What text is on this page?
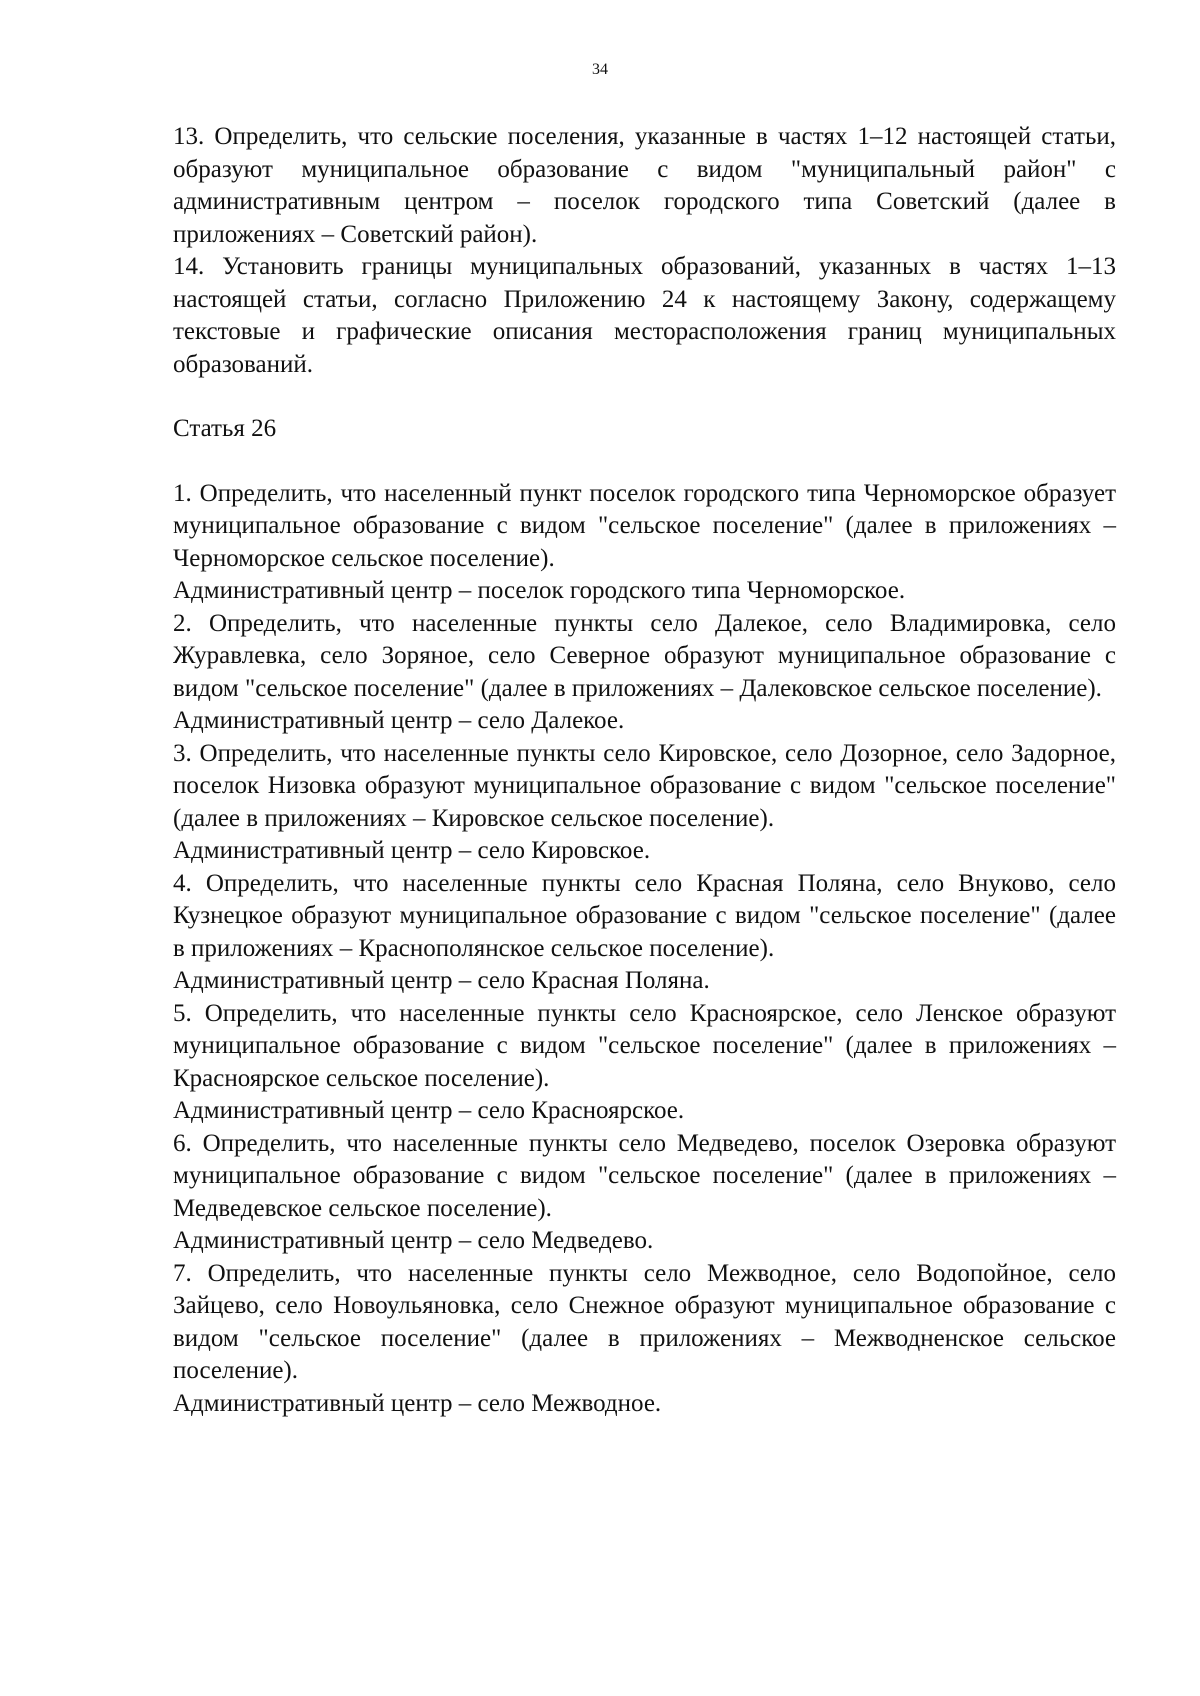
34

13. Определить, что сельские поселения, указанные в частях 1–12 настоящей статьи, образуют муниципальное образование с видом "муниципальный район" с административным центром – поселок городского типа Советский (далее в приложениях – Советский район).

14. Установить границы муниципальных образований, указанных в частях 1–13 настоящей статьи, согласно Приложению 24 к настоящему Закону, содержащему текстовые и графические описания месторасположения границ муниципальных образований.

Статья 26

1. Определить, что населенный пункт поселок городского типа Черноморское образует муниципальное образование с видом "сельское поселение" (далее в приложениях – Черноморское сельское поселение).

Административный центр – поселок городского типа Черноморское.

2. Определить, что населенные пункты село Далекое, село Владимировка, село Журавлевка, село Зоряное, село Северное образуют муниципальное образование с видом "сельское поселение" (далее в приложениях – Далековское сельское поселение).

Административный центр – село Далекое.

3. Определить, что населенные пункты село Кировское, село Дозорное, село Задорное, поселок Низовка образуют муниципальное образование с видом "сельское поселение" (далее в приложениях – Кировское сельское поселение).

Административный центр – село Кировское.

4. Определить, что населенные пункты село Красная Поляна, село Внуково, село Кузнецкое образуют муниципальное образование с видом "сельское поселение" (далее в приложениях – Краснополянское сельское поселение).

Административный центр – село Красная Поляна.

5. Определить, что населенные пункты село Красноярское, село Ленское образуют муниципальное образование с видом "сельское поселение" (далее в приложениях – Красноярское сельское поселение).

Административный центр – село Красноярское.

6. Определить, что населенные пункты село Медведево, поселок Озеровка образуют муниципальное образование с видом "сельское поселение" (далее в приложениях – Медведевское сельское поселение).

Административный центр – село Медведево.

7. Определить, что населенные пункты село Межводное, село Водопойное, село Зайцево, село Новоульяновка, село Снежное образуют муниципальное образование с видом "сельское поселение" (далее в приложениях – Межводненское сельское поселение).

Административный центр – село Межводное.
